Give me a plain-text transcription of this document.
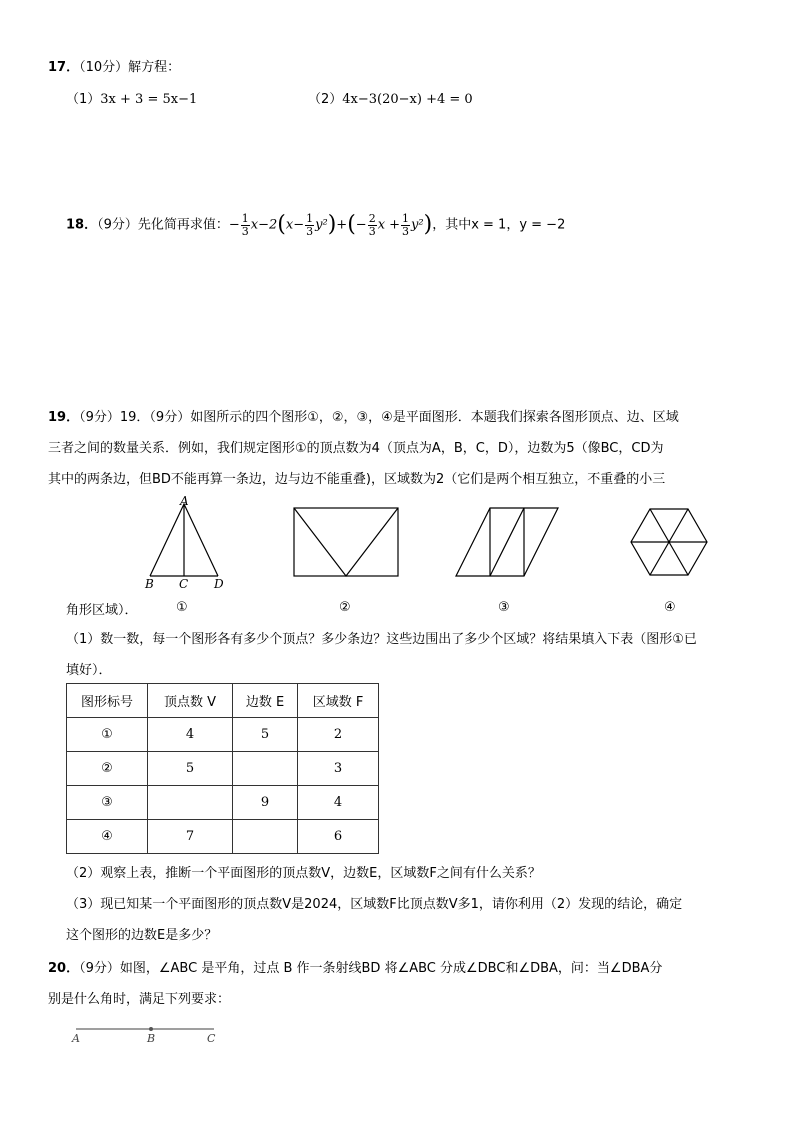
17．（10分）解方程：
（1）3x + 3 = 5x−1	（2）4x−3(20−x) +4 = 0
18．（9分）先化简再求值：− $\frac{1}{3} x-2(x- \frac{1}{3} y^2)+(- \frac{2}{3}$ $x + \frac{1}{3} y^2$)，其中x = 1，y = −2
19．（9分）19．（9分）如图所示的四个图形①，②，③，④是平面图形．本题我们探索各图形顶点、边、区域
三者之间的数量关系．例如，我们规定图形①的顶点数为4（顶点为A，B，C，D），边数为5（像BC，CD为
其中的两条边，但BD不能再算一条边，边与边不能重叠)，区域数为2（它们是两个相互独立，不重叠的小三
A
B C D
角形区域）．	①	②	③	④
（1）数一数，每一个图形各有多少个顶点？多少条边？这些边围出了多少个区域？将结果填入下表（图形①已
填好）．
图形标号	顶点数 V	边数 E	区域数 F
①	4	5	2
②	5		3
③		9	4
④	7		6
（2）观察上表，推断一个平面图形的顶点数V，边数E，区域数F之间有什么关系？
（3）现已知某一个平面图形的顶点数V是2024，区域数F比顶点数V多1，请你利用（2）发现的结论，确定
这个图形的边数E是多少？
20．（9分）如图，∠ABC 是平角，过点 B 作一条射线BD 将∠ABC 分成∠DBC和∠DBA，问：当∠DBA分
别是什么角时，满足下列要求：
A	B	C
